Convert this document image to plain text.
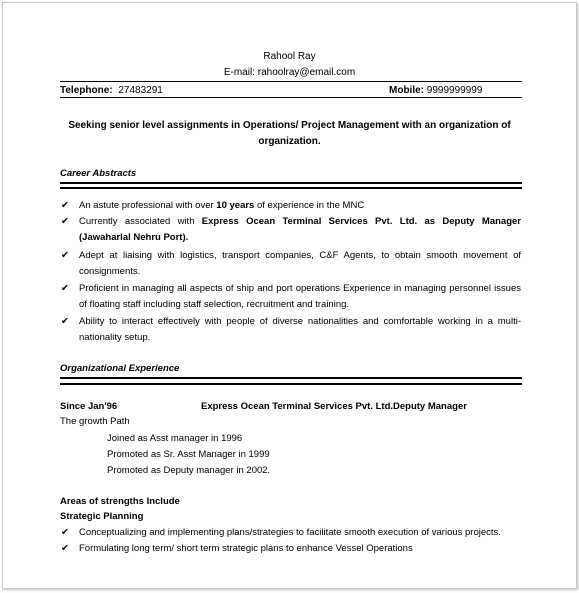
Rahool Ray
E-mail: rahoolray@email.com
Telephone: 27483291	Mobile: 9999999999
Seeking senior level assignments in Operations/ Project Management with an organization of
organization.
Career Abstracts
✔ An astute professional with over 10 years of experience in the MNC
✔ Currently associated with Express Ocean Terminal Services Pvt. Ltd. as Deputy Manager (Jawaharlal Nehru Port).
✔ Adept at liaising with logistics, transport companies, C&F Agents, to obtain smooth movement of consignments.
✔ Proficient in managing all aspects of ship and port operations Experience in managing personnel issues of floating staff including staff selection, recruitment and training.
✔ Ability to interact effectively with people of diverse nationalities and comfortable working in a multi-nationality setup.
Organizational Experience
Since Jan'96	Express Ocean Terminal Services Pvt. Ltd.Deputy Manager
The growth Path
Joined as Asst manager in 1996
Promoted as Sr. Asst Manager in 1999
Promoted as Deputy manager in 2002.
Areas of strengths Include
Strategic Planning
✔ Conceptualizing and implementing plans/strategies to facilitate smooth execution of various projects.
✔ Formulating long term/ short term strategic plans to enhance Vessel Operations
